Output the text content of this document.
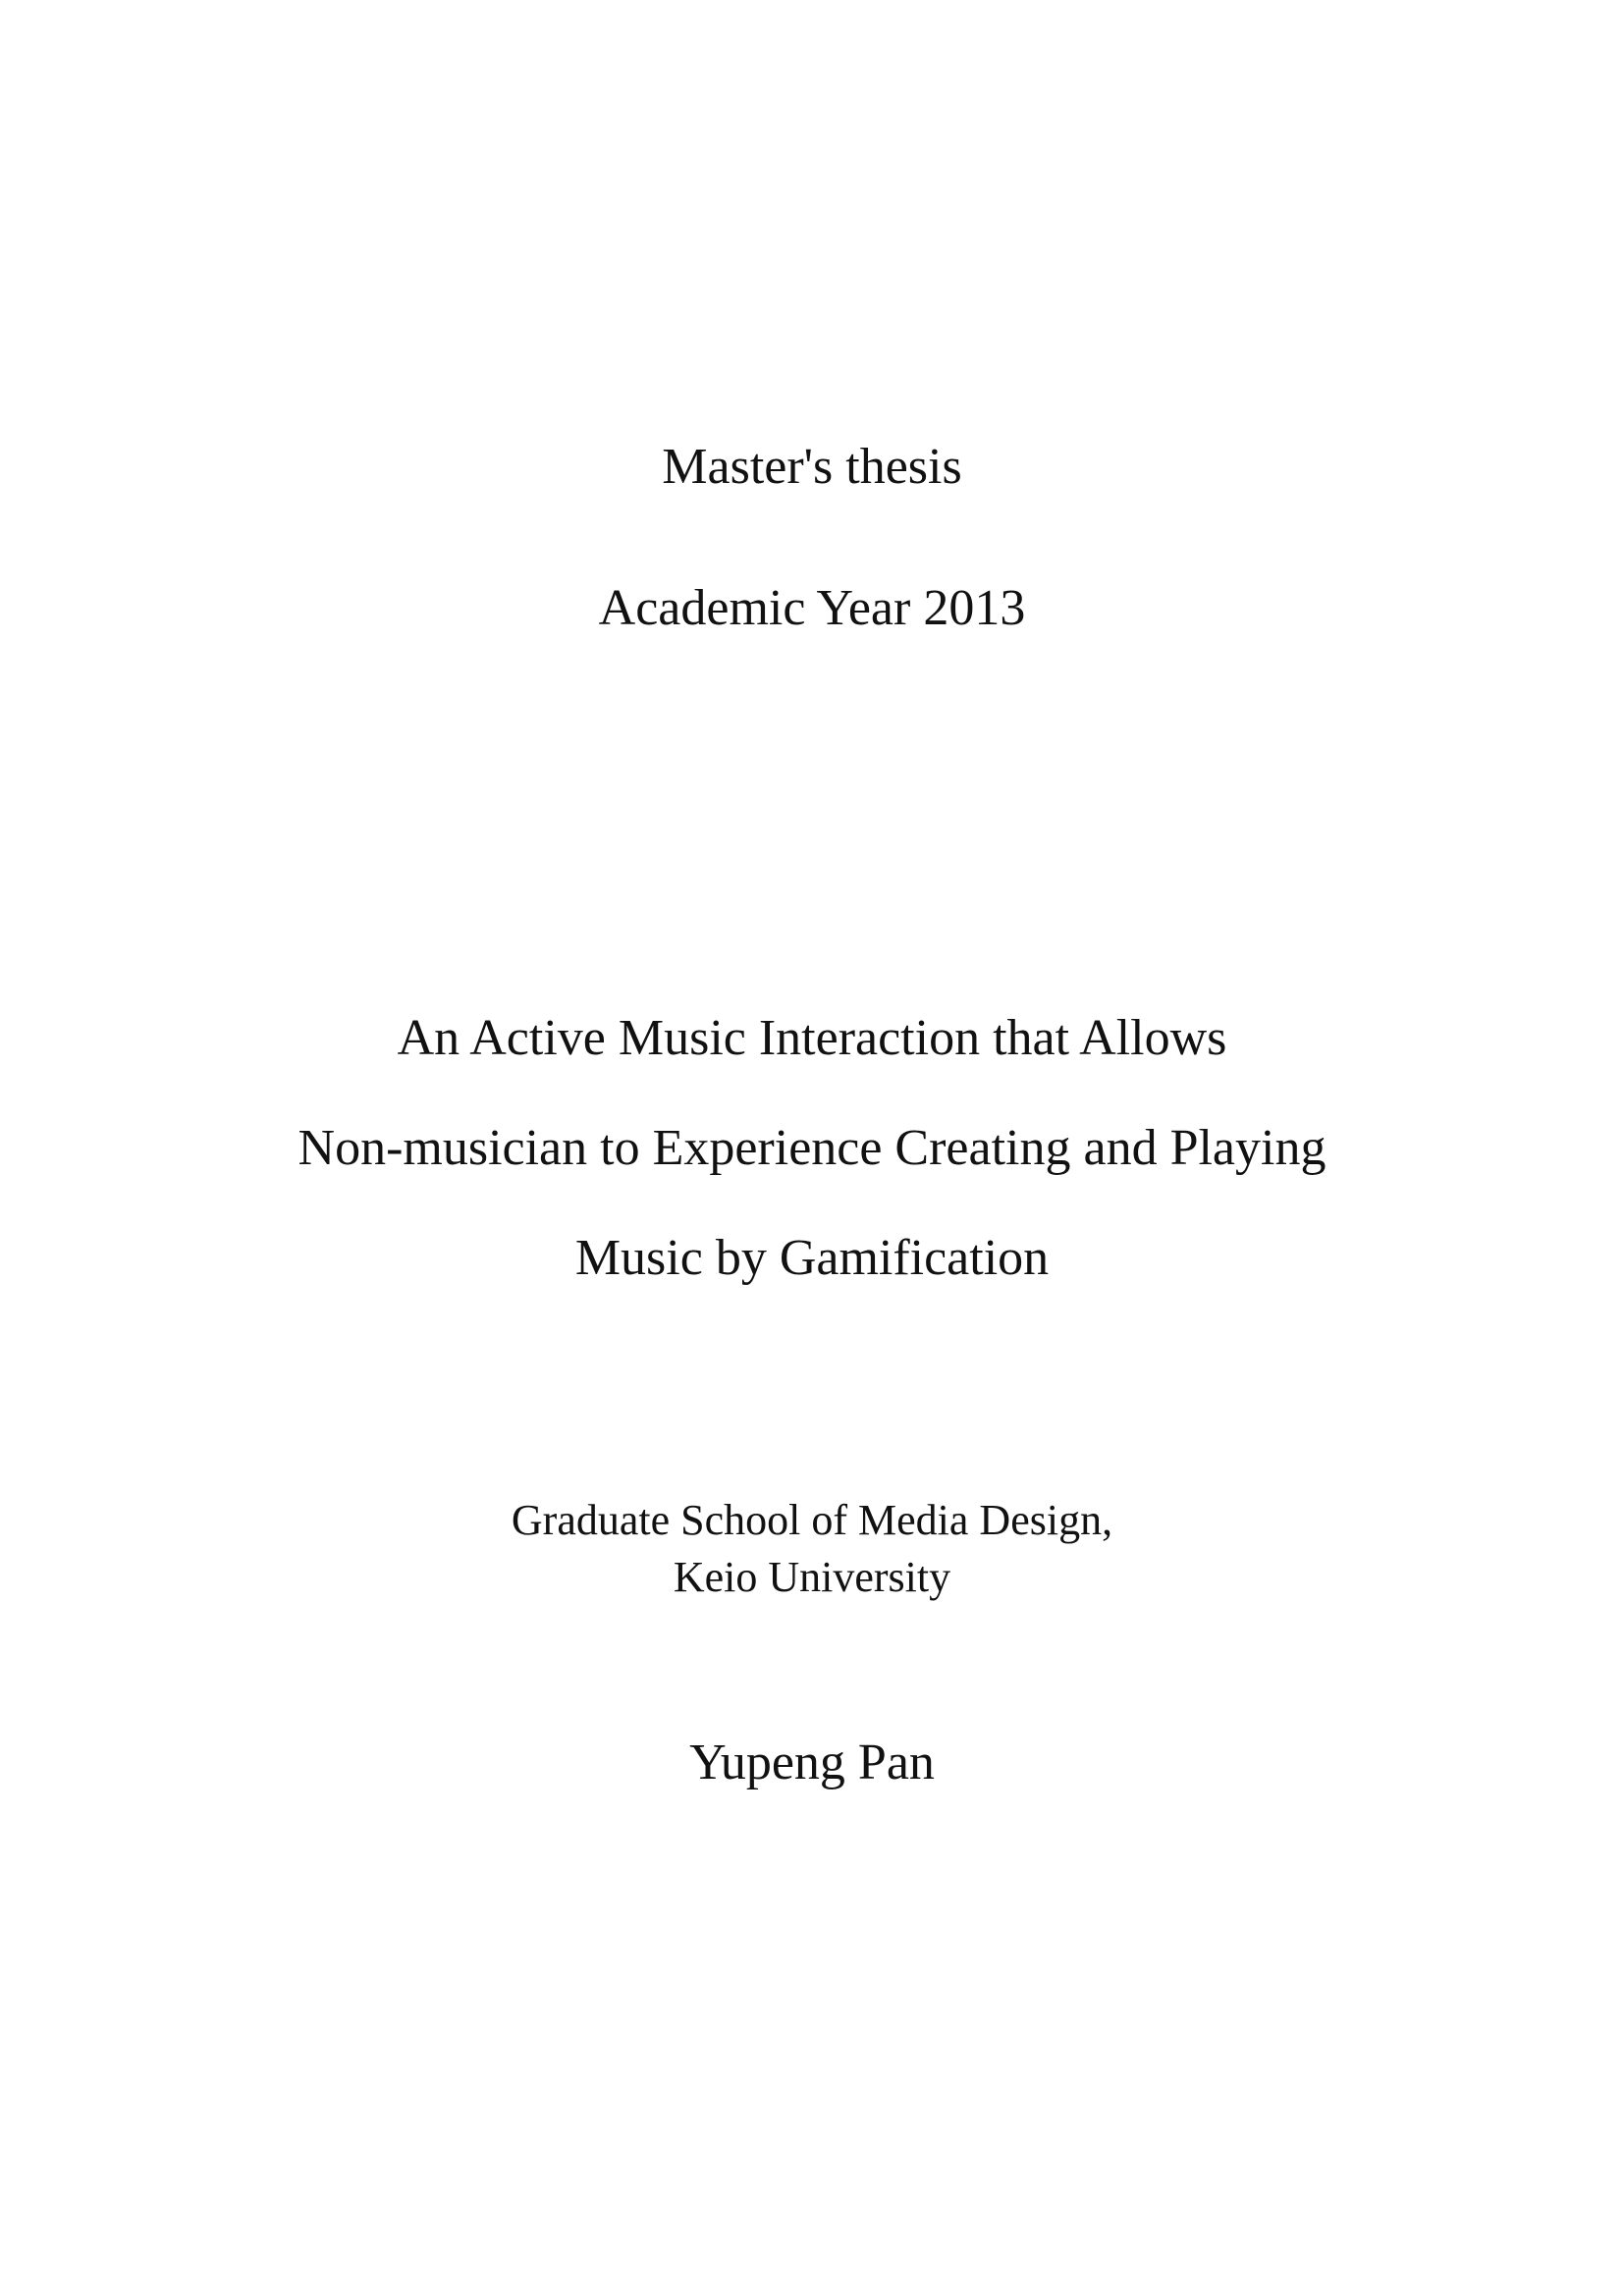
Master's thesis
Academic Year 2013
An Active Music Interaction that Allows
Non-musician to Experience Creating and Playing
Music by Gamification
Graduate School of Media Design,
Keio University
Yupeng Pan
